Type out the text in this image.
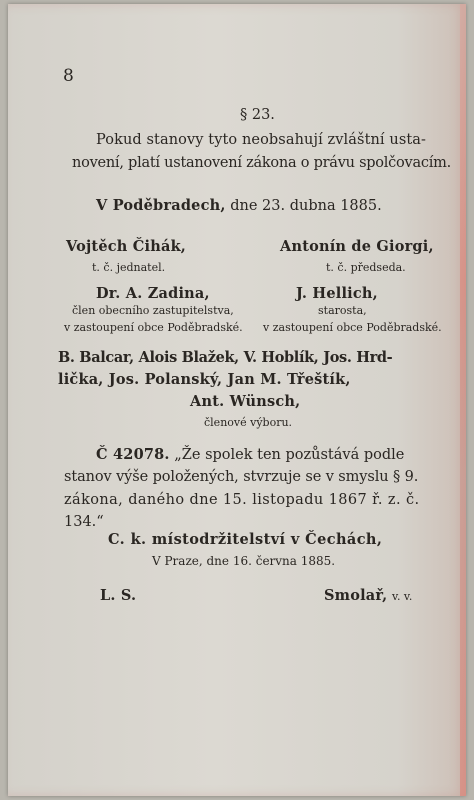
8
§ 23.
Pokud stanovy tyto neobsahují zvláštní usta-
novení, platí ustanovení zákona o právu spolčovacím.
V Poděbradech, dne 23. dubna 1885.
Vojtěch Čihák,
t. č. jednatel.
Antonín de Giorgi,
t. č. předseda.
Dr. A. Zadina,
člen obecního zastupitelstva,
v zastoupení obce Poděbradské.
J. Hellich,
starosta,
v zastoupení obce Poděbradské.
B. Balcar, Alois Blažek, V. Hoblík, Jos. Hrd-
lička, Jos. Polanský, Jan M. Třeštík,
Ant. Wünsch,
členové výboru.
Č 42078. „Že spolek ten pozůstává podle
stanov výše položených, stvrzuje se v smyslu § 9.
zákona, daného dne 15. listopadu 1867 ř. z. č.
134.“
C. k. místodržitelství v Čechách,
V Praze, dne 16. června 1885.
L. S.	Smolař, v. v.
